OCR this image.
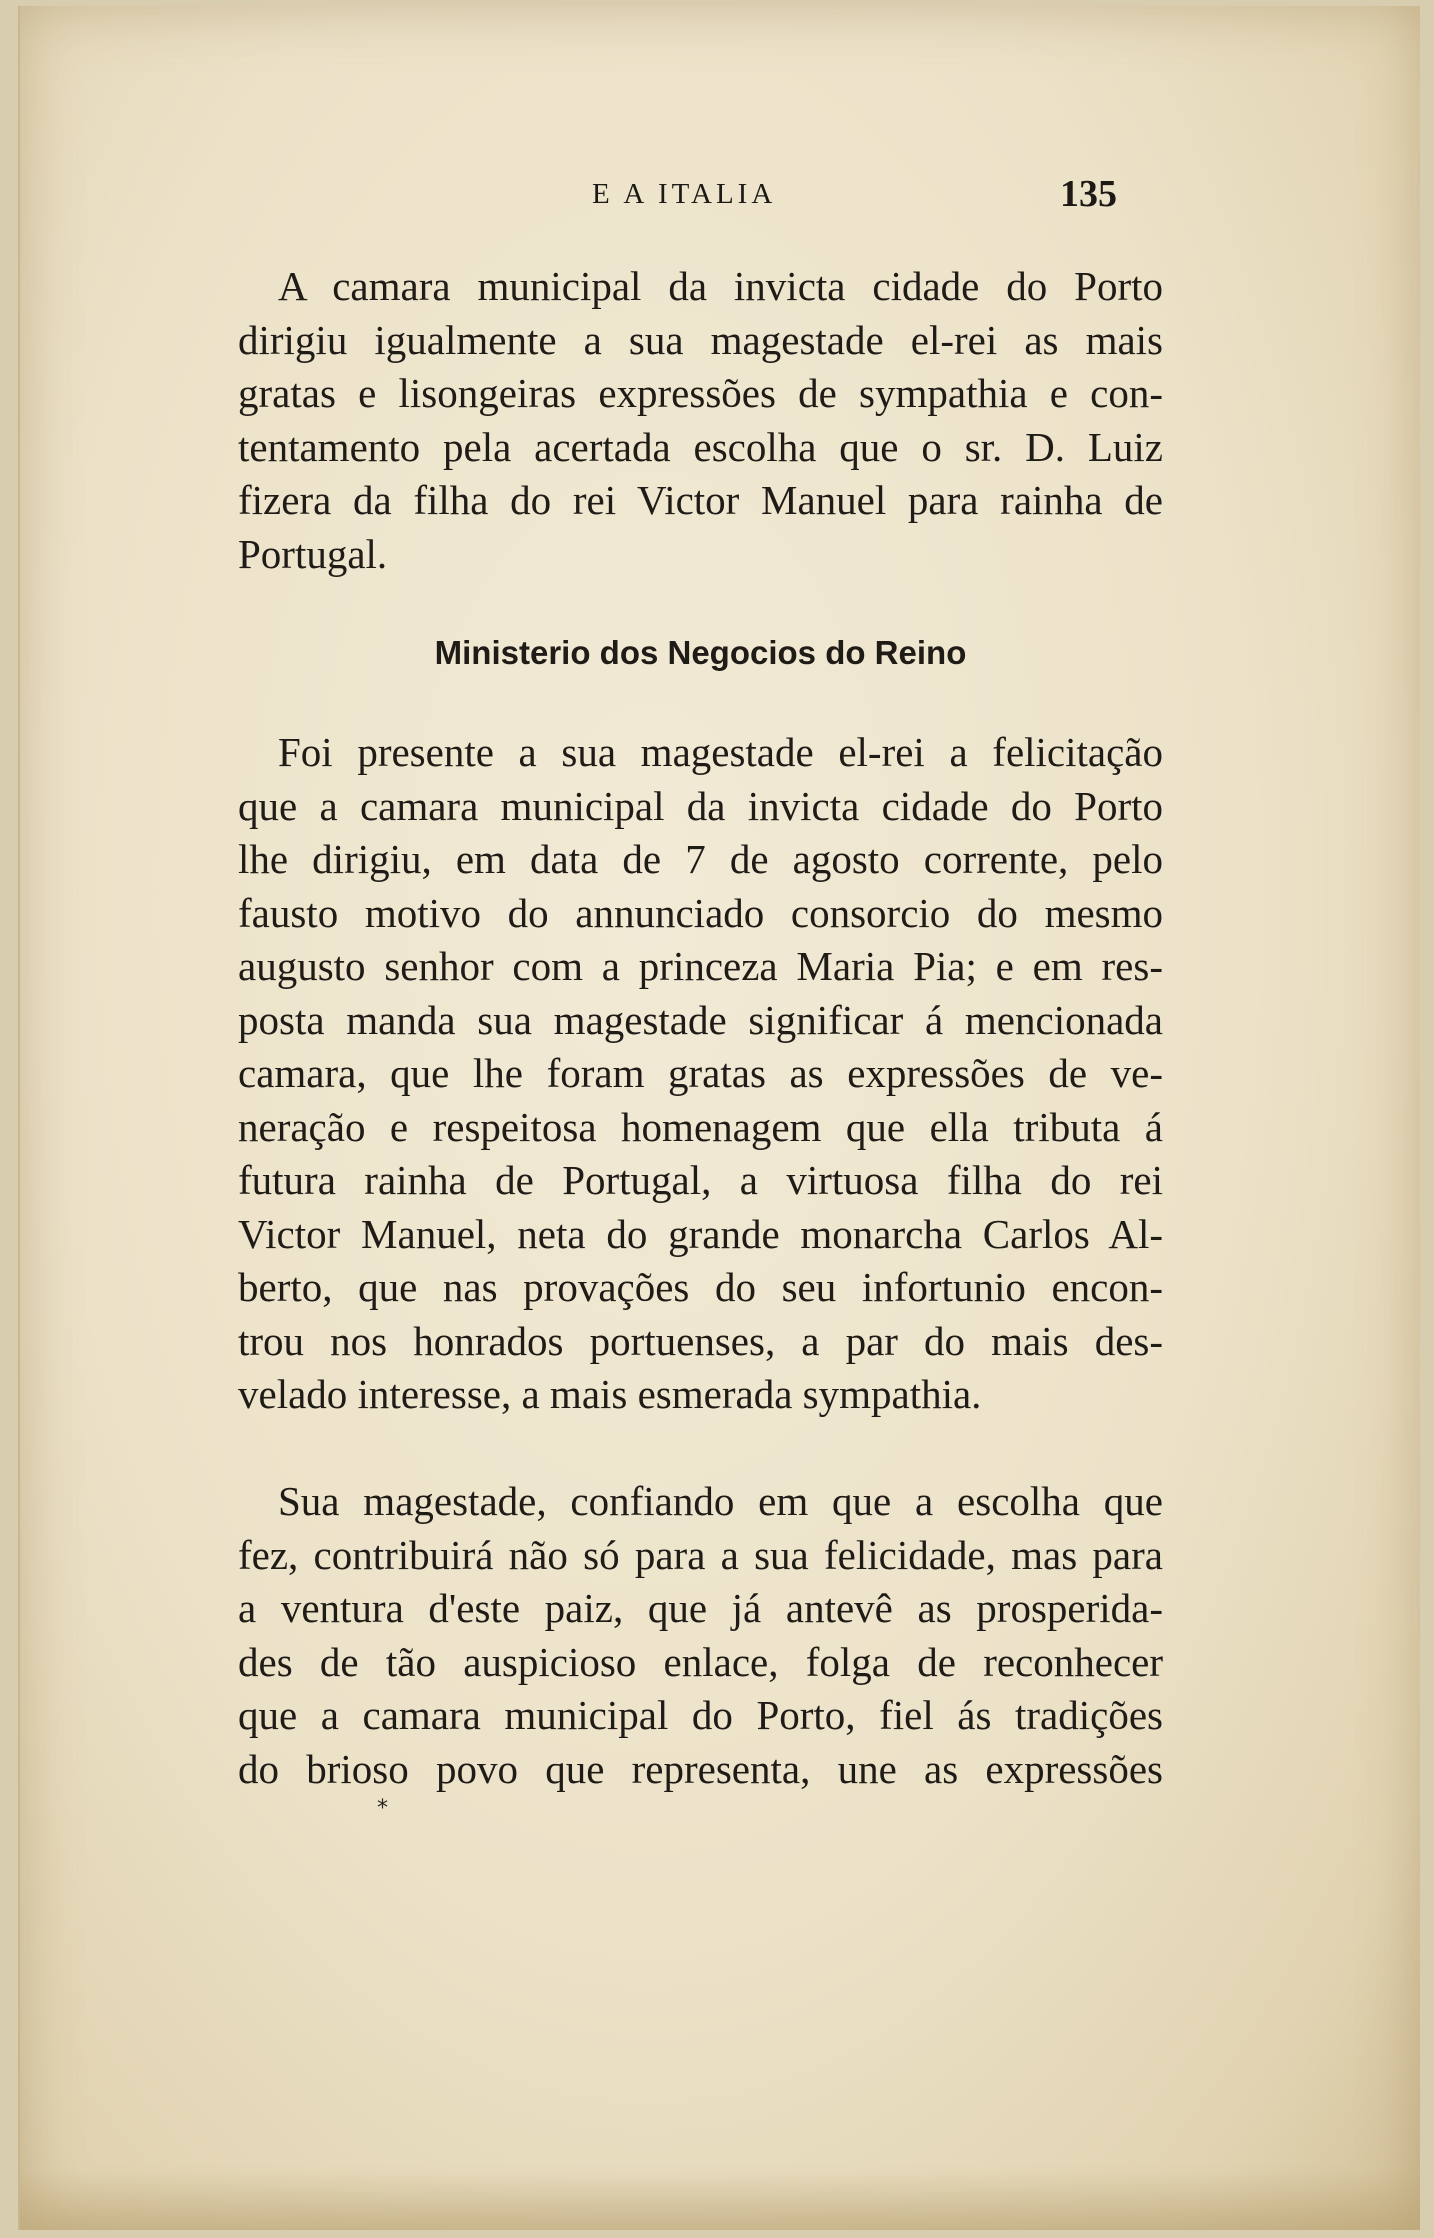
E A ITALIA	135
A camara municipal da invicta cidade do Porto
dirigiu igualmente a sua magestade el-rei as mais
gratas e lisongeiras expressões de sympathia e con-
tentamento pela acertada escolha que o sr. D. Luiz
fizera da filha do rei Victor Manuel para rainha de
Portugal.
Ministerio dos Negocios do Reino
Foi presente a sua magestade el-rei a felicitação
que a camara municipal da invicta cidade do Porto
lhe dirigiu, em data de 7 de agosto corrente, pelo
fausto motivo do annunciado consorcio do mesmo
augusto senhor com a princeza Maria Pia; e em res-
posta manda sua magestade significar á mencionada
camara, que lhe foram gratas as expressões de ve-
neração e respeitosa homenagem que ella tributa á
futura rainha de Portugal, a virtuosa filha do rei
Victor Manuel, neta do grande monarcha Carlos Al-
berto, que nas provações do seu infortunio encon-
trou nos honrados portuenses, a par do mais des-
velado interesse, a mais esmerada sympathia.
Sua magestade, confiando em que a escolha que
fez, contribuirá não só para a sua felicidade, mas para
a ventura d'este paiz, que já antevê as prosperida-
des de tão auspicioso enlace, folga de reconhecer
que a camara municipal do Porto, fiel ás tradições
do brioso povo que representa, une as expressões
*
